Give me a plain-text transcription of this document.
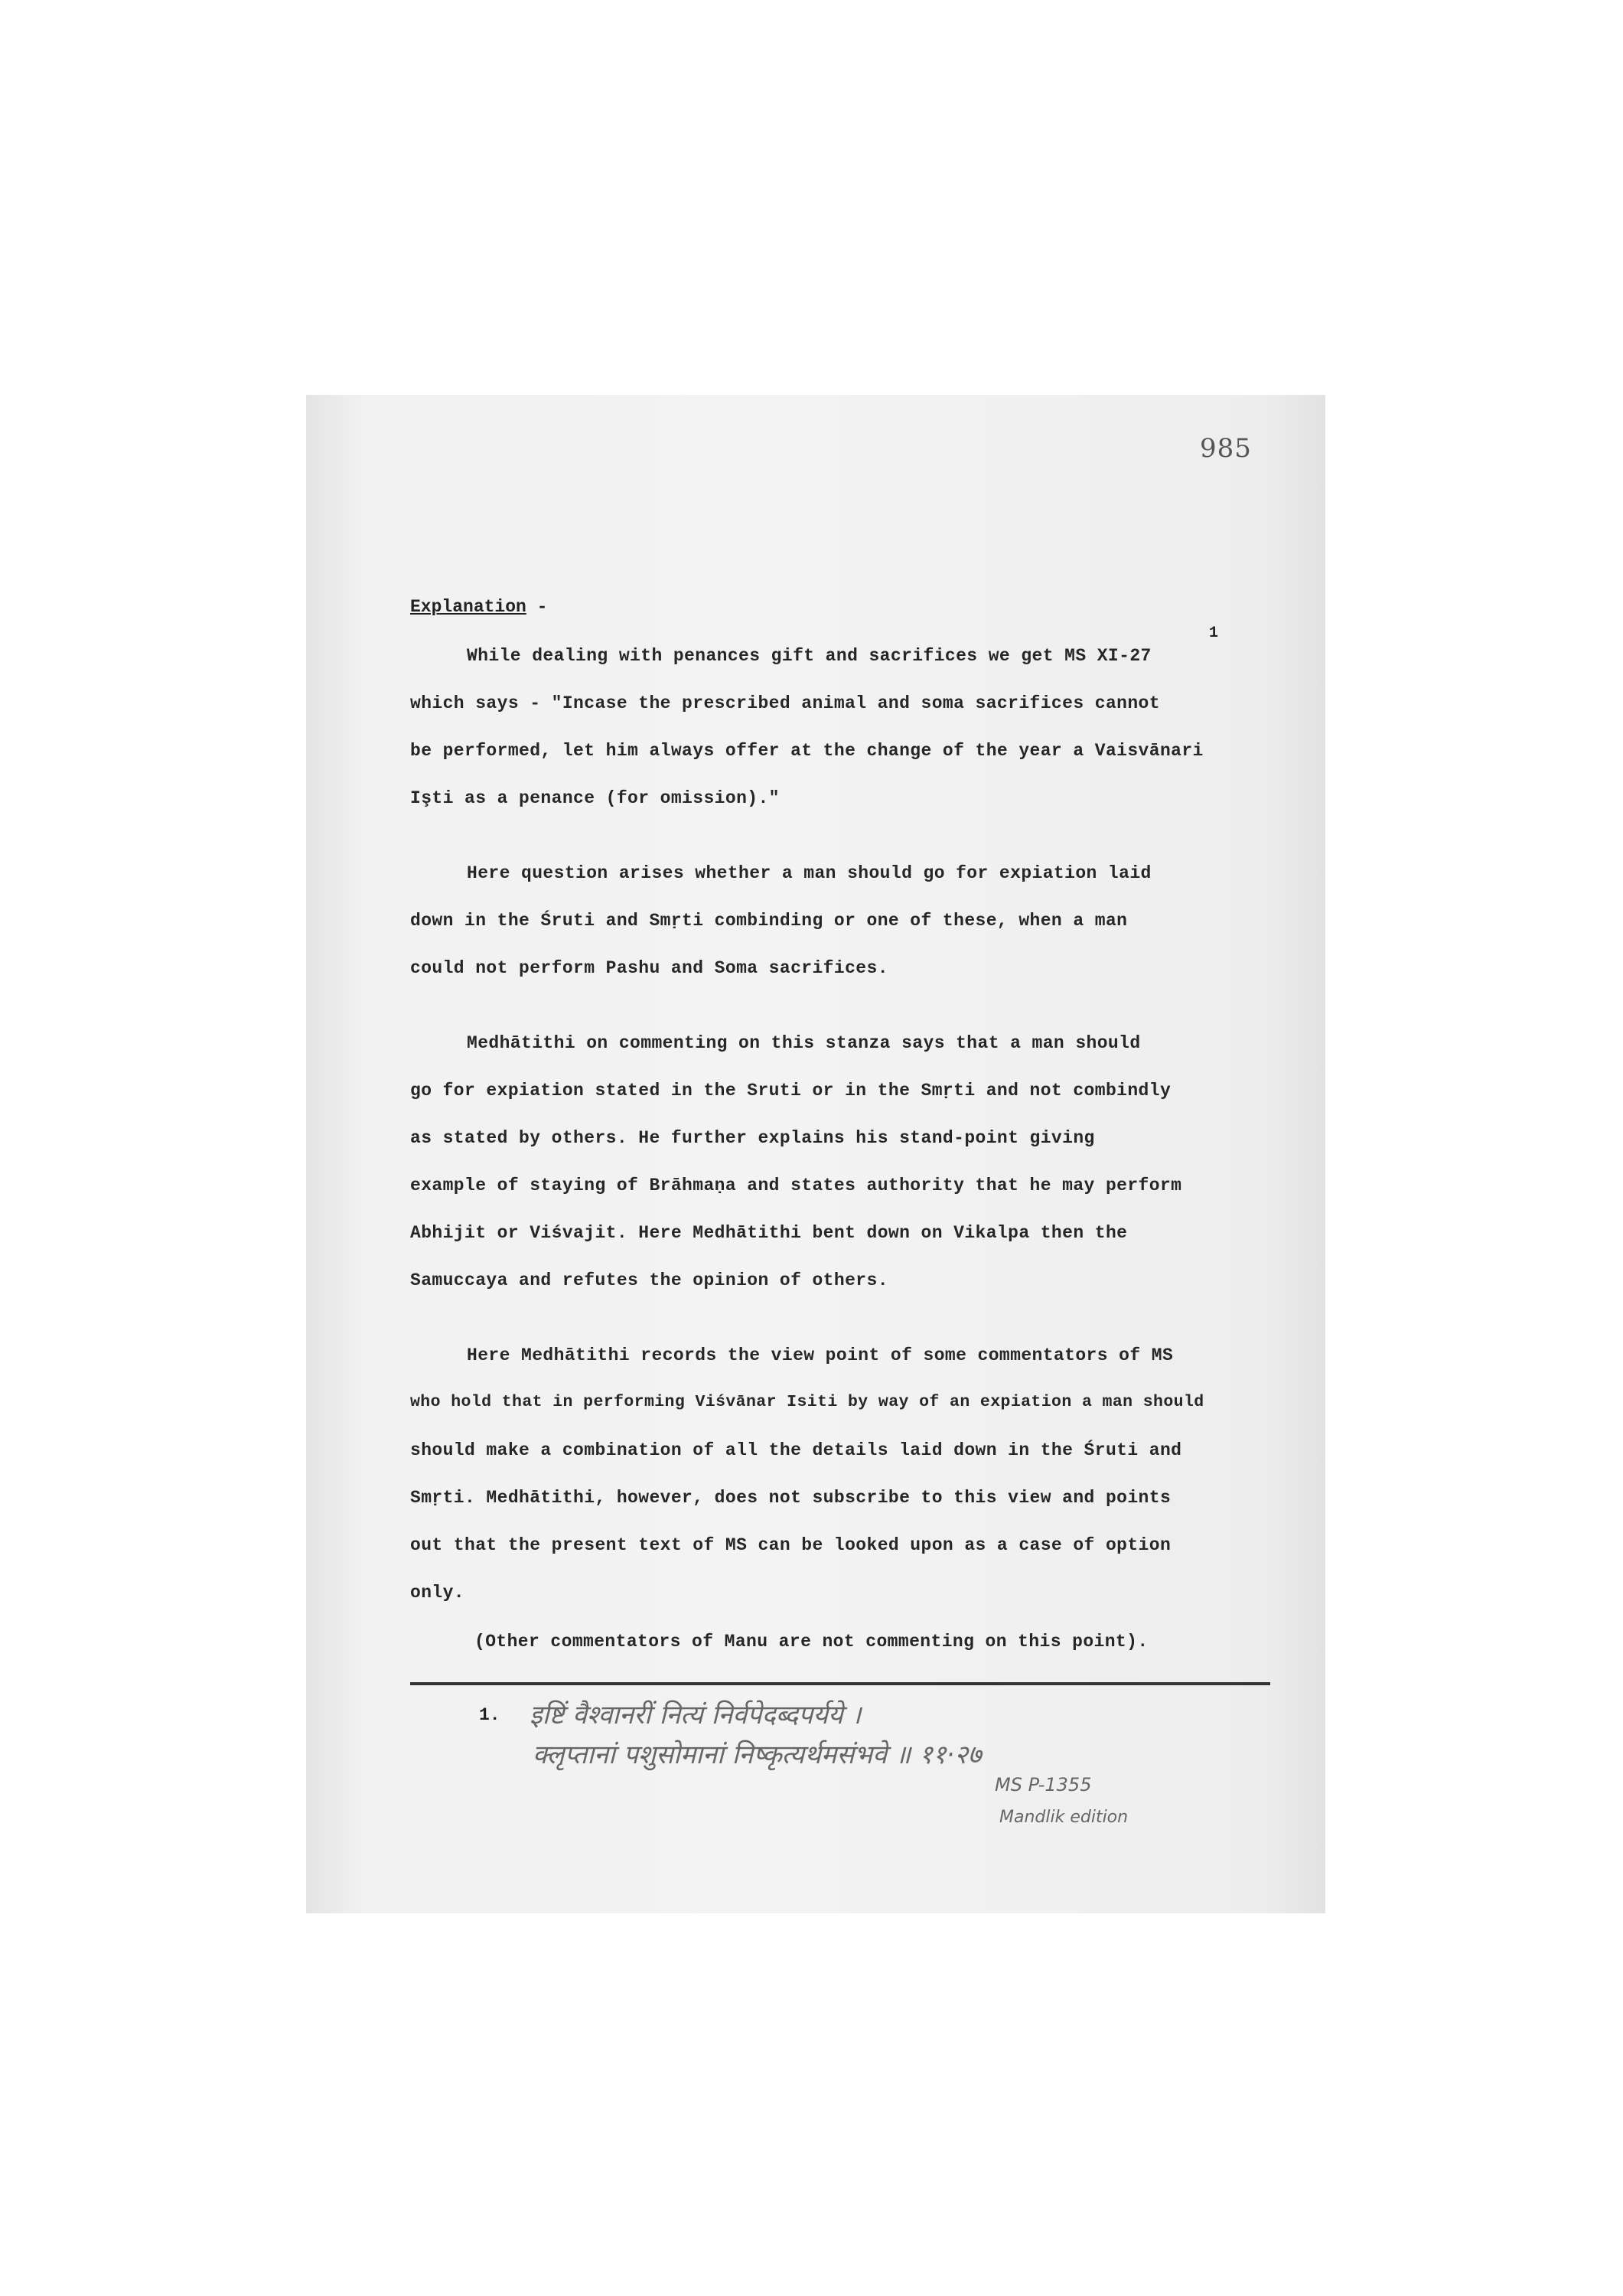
985
Explanation -
1
While dealing with penances gift and sacrifices we get MS XI-27
which says - "Incase the prescribed animal and soma sacrifices cannot
be performed, let him always offer at the change of the year a Vaisvānari
Işti as a penance (for omission)."
Here question arises whether a man should go for expiation laid
down in the Śruti and Smṛti combinding or one of these, when a man
could not perform Pashu and Soma sacrifices.
Medhātithi on commenting on this stanza says that a man should
go for expiation stated in the Sruti or in the Smṛti and not combindly
as stated by others. He further explains his stand-point giving
example of staying of Brāhmaṇa and states authority that he may perform
Abhijit or Viśvajit. Here Medhātithi bent down on Vikalpa then the
Samuccaya and refutes the opinion of others.
Here Medhātithi records the view point of some commentators of MS
who hold that in performing Viśvānar Isiti by way of an expiation a man should
should make a combination of all the details laid down in the Śruti and
Smṛti. Medhātithi, however, does not subscribe to this view and points
out that the present text of MS can be looked upon as a case of option
only.
(Other commentators of Manu are not commenting on this point).
1. इष्टिं वैश्वानरीं नित्यं निर्वपेदब्दपर्यये ।
क्लृप्तानां पशुसोमानां निष्कृत्यर्थमसंभवे ॥ ११·२७
MS P-1355
Mandlik edition
